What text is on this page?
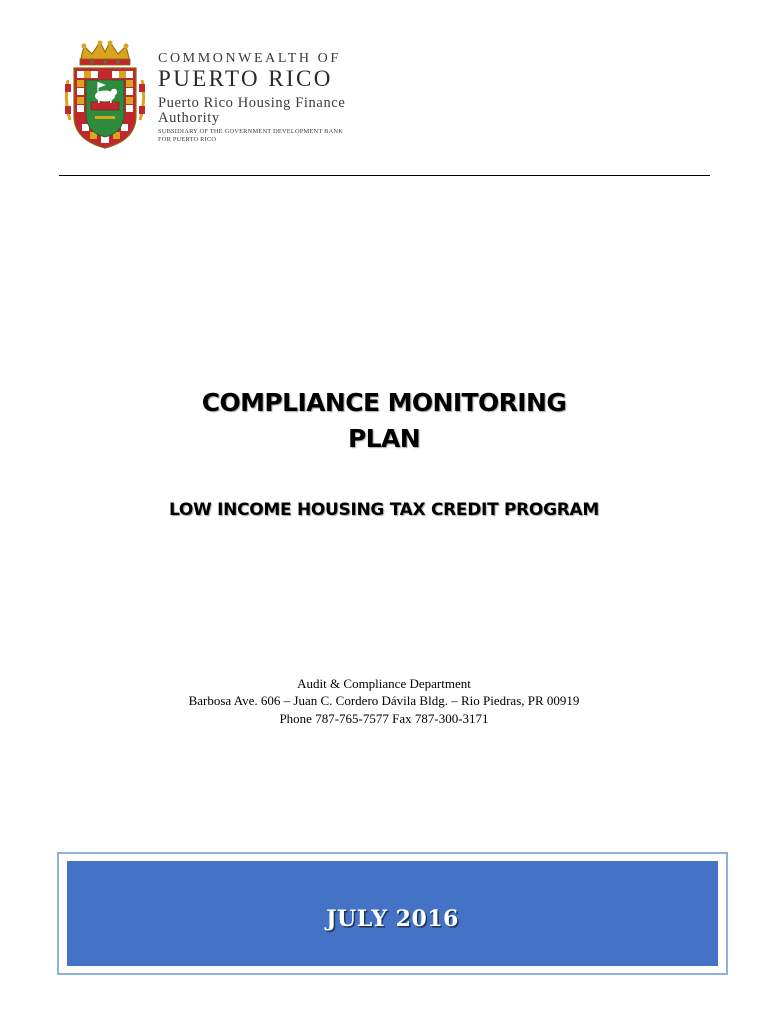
COMMONWEALTH OF
PUERTO RICO
Puerto Rico Housing Finance
Authority
SUBSIDIARY OF THE GOVERNMENT DEVELOPMENT BANK
FOR PUERTO RICO
COMPLIANCE MONITORING
PLAN
LOW INCOME HOUSING TAX CREDIT PROGRAM
Audit & Compliance Department
Barbosa Ave. 606 – Juan C. Cordero Dávila Bldg. – Rio Piedras, PR 00919
Phone 787-765-7577 Fax 787-300-3171
JULY 2016
